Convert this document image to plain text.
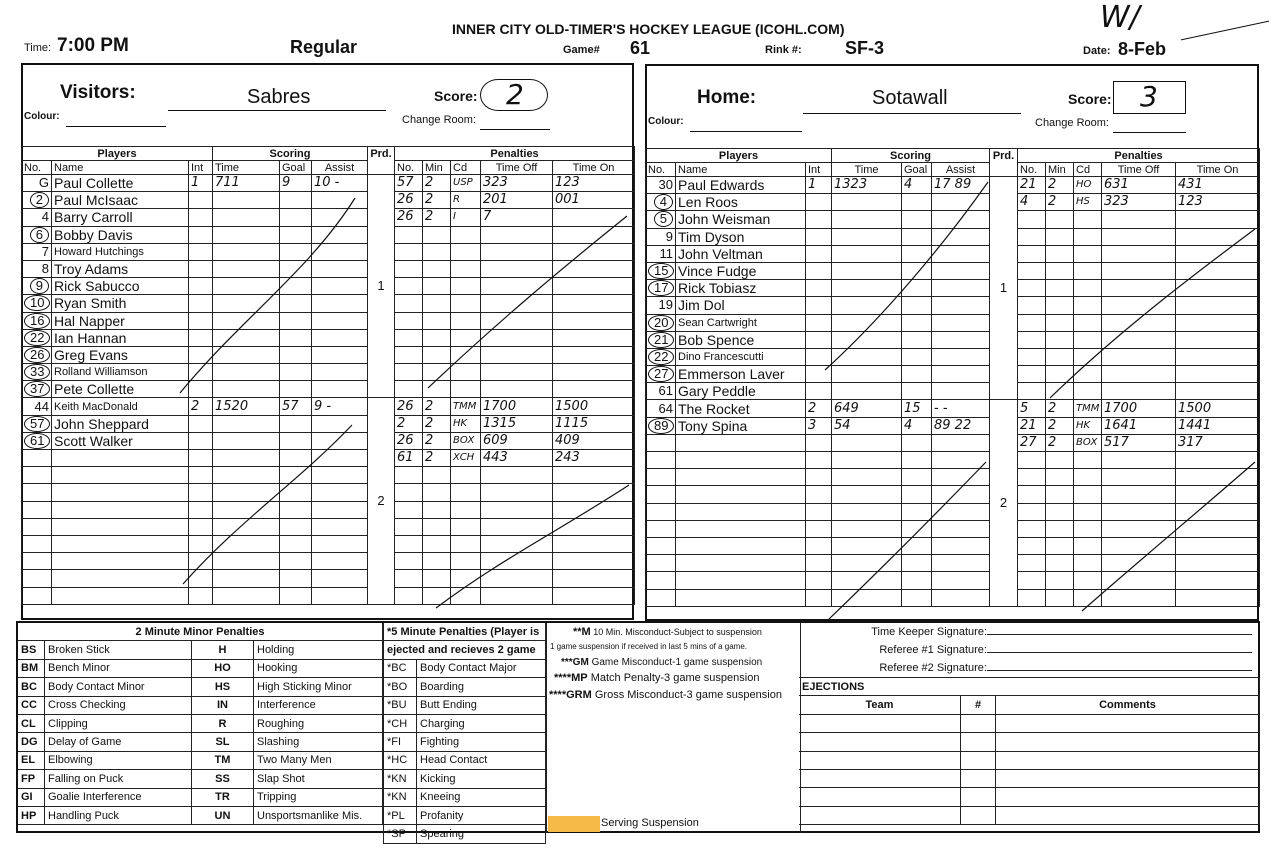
INNER CITY OLD-TIMER'S HOCKEY LEAGUE (ICOHL.COM)
Time: 7:00 PM	Regular	Game# 61	Rink #: SF-3	Date: 8-Feb
W/
Visitors:	Sabres	Score: 2
Colour:	Change Room:
Players			Scoring			Prd.	Penalties				
No.	Name	Int	Time	Goal	Assist		No.	Min	Cd	Time Off	Time On
G	Paul Collette	1	711	9	10 -	1	57	2	USP	323	123
2	Paul McIsaac						26	2	R	201	001
4	Barry Carroll						26	2	I	7	
6	Bobby Davis										
7	Howard Hutchings										
8	Troy Adams										
9	Rick Sabucco										
10	Ryan Smith										
16	Hal Napper										
22	Ian Hannan										
26	Greg Evans										
33	Rolland Williamson										
37	Pete Collette										
44	Keith MacDonald	2	1520	57	9 -	2	26	2	TMM	1700	1500
57	John Sheppard						2	2	HK	1315	1115
61	Scott Walker						26	2	BOX	609	409
							61	2	XCH	443	243

Home:	Sotawall	Score: 3
Colour:	Change Room:
Players			Scoring			Prd.	Penalties				
No.	Name	Int	Time	Goal	Assist		No.	Min	Cd	Time Off	Time On
30	Paul Edwards	1	1323	4	17 89	1	21	2	HO	631	431
4	Len Roos						4	2	HS	323	123
5	John Weisman										
9	Tim Dyson										
11	John Veltman										
15	Vince Fudge										
17	Rick Tobiasz										
19	Jim Dol										
20	Sean Cartwright										
21	Bob Spence										
22	Dino Francescutti										
27	Emmerson Laver										
61	Gary Peddle										
64	The Rocket	2	649	15	- -	2	5	2	TMM	1700	1500
89	Tony Spina	3	54	4	89 22		21	2	HK	1641	1441
							27	2	BOX	517	317

2 Minute Minor Penalties			
BS	Broken Stick	H	Holding
BM	Bench Minor	HO	Hooking
BC	Body Contact Minor	HS	High Sticking Minor
CC	Cross Checking	IN	Interference
CL	Clipping	R	Roughing
DG	Delay of Game	SL	Slashing
EL	Elbowing	TM	Two Many Men
FP	Falling on Puck	SS	Slap Shot
GI	Goalie Interference	TR	Tripping
HP	Handling Puck	UN	Unsportsmanlike Mis.
*5 Minute Penalties (Player is	
ejected and recieves 2 game	
*BC	Body Contact Major
*BO	Boarding
*BU	Butt Ending
*CH	Charging
*FI	Fighting
*HC	Head Contact
*KN	Kicking
*KN	Kneeing
*PL	Profanity
*SP	Spearing
**M 10 Min. Misconduct-Subject to suspension
1 game suspension if received in last 5 mins of a game.
***GM Game Misconduct-1 game suspension
****MP Match Penalty-3 game suspension
****GRM Gross Misconduct-3 game suspension
Serving Suspension
Time Keeper Signature:
Referee #1 Signature:
Referee #2 Signature:
EJECTIONS		
Team	#	Comments
